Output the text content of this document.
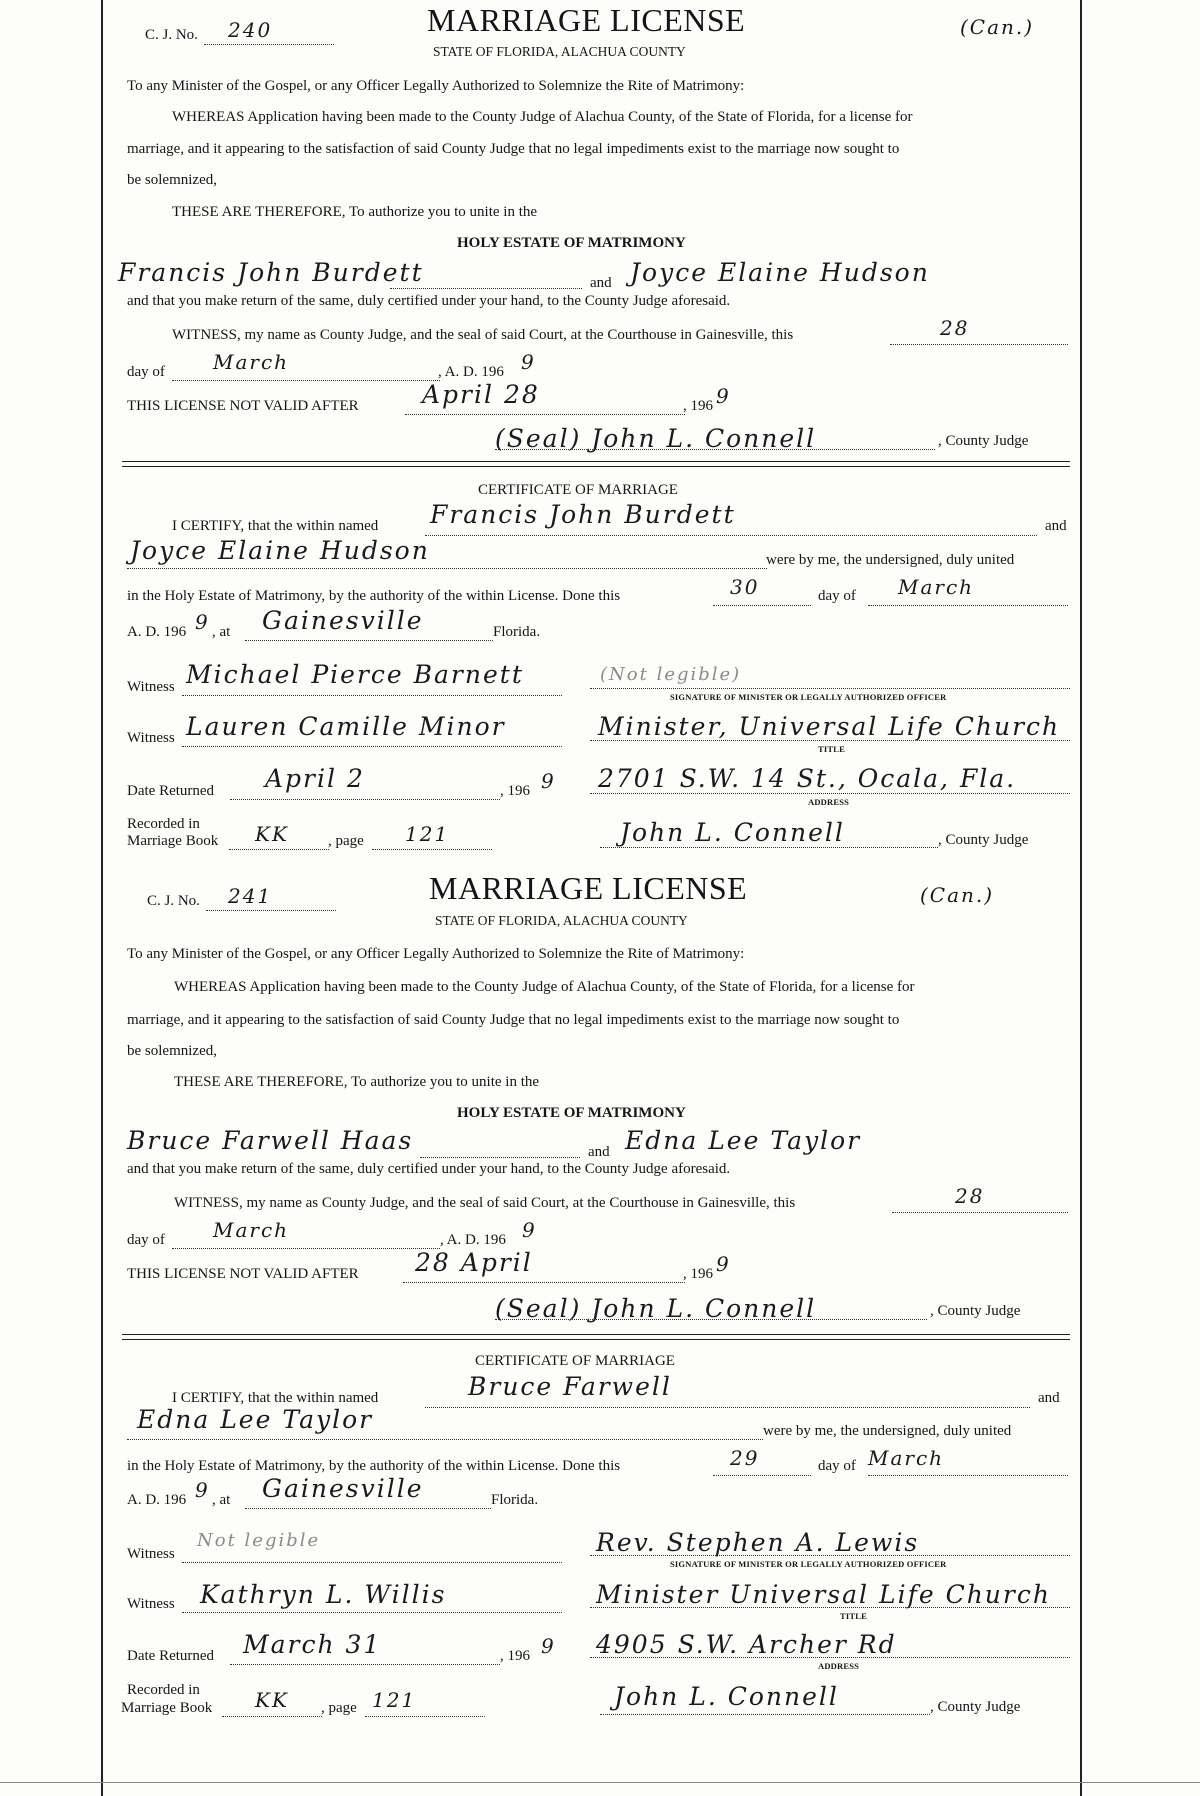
C. J. No. 240	MARRIAGE LICENSE
STATE OF FLORIDA, ALACHUA COUNTY
(Can.)
To any Minister of the Gospel, or any Officer Legally Authorized to Solemnize the Rite of Matrimony:
WHEREAS Application having been made to the County Judge of Alachua County, of the State of Florida, for a license for
marriage, and it appearing to the satisfaction of said County Judge that no legal impediments exist to the marriage now sought to
be solemnized,
THESE ARE THEREFORE, To authorize you to unite in the
HOLY ESTATE OF MATRIMONY
Francis John Burdett	and Joyce Elaine Hudson
and that you make return of the same, duly certified under your hand, to the County Judge aforesaid.
WITNESS, my name as County Judge, and the seal of said Court, at the Courthouse in Gainesville, this	28
day of March	, A. D. 196 9
THIS LICENSE NOT VALID AFTER	April 28	, 196 9
(Seal) John L. Connell	, County Judge
CERTIFICATE OF MARRIAGE
I CERTIFY, that the within named Francis John Burdett	and
Joyce Elaine Hudson	were by me, the undersigned, duly united
in the Holy Estate of Matrimony, by the authority of the within License. Done this	30	day of March
A. D. 196 9 , at Gainesville	Florida.
Witness Michael Pierce Barnett	(Not legible)
SIGNATURE OF MINISTER OR LEGALLY AUTHORIZED OFFICER
Witness Lauren Camille Minor	Minister, Universal Life Church
TITLE
Date Returned April 2	, 196 9 2701 S.W. 14 St., Ocala, Fla.
ADDRESS
Recorded in
Marriage Book KK	, page 121	John L. Connell	, County Judge
C. J. No. 241	MARRIAGE LICENSE
STATE OF FLORIDA, ALACHUA COUNTY
(Can.)
To any Minister of the Gospel, or any Officer Legally Authorized to Solemnize the Rite of Matrimony:
WHEREAS Application having been made to the County Judge of Alachua County, of the State of Florida, for a license for
marriage, and it appearing to the satisfaction of said County Judge that no legal impediments exist to the marriage now sought to
be solemnized,
THESE ARE THEREFORE, To authorize you to unite in the
HOLY ESTATE OF MATRIMONY
Bruce Farwell Haas	and Edna Lee Taylor
and that you make return of the same, duly certified under your hand, to the County Judge aforesaid.
WITNESS, my name as County Judge, and the seal of said Court, at the Courthouse in Gainesville, this	28
day of March	, A. D. 196 9
THIS LICENSE NOT VALID AFTER 28 April	, 196 9
(Seal) John L. Connell	, County Judge
CERTIFICATE OF MARRIAGE
I CERTIFY, that the within named	Bruce Farwell	and
Edna Lee Taylor	were by me, the undersigned, duly united
in the Holy Estate of Matrimony, by the authority of the within License. Done this	29	day of March
A. D. 196 9 , at Gainesville	Florida.
Witness
Not legible	Rev. Stephen A. Lewis
SIGNATURE OF MINISTER OR LEGALLY AUTHORIZED OFFICER
Witness Kathryn L. Willis	Minister Universal Life Church
TITLE
Date Returned March 31	, 196 9 4905 S.W. Archer Rd
ADDRESS
Recorded in
Marriage Book KK , page 121	John L. Connell	, County Judge
